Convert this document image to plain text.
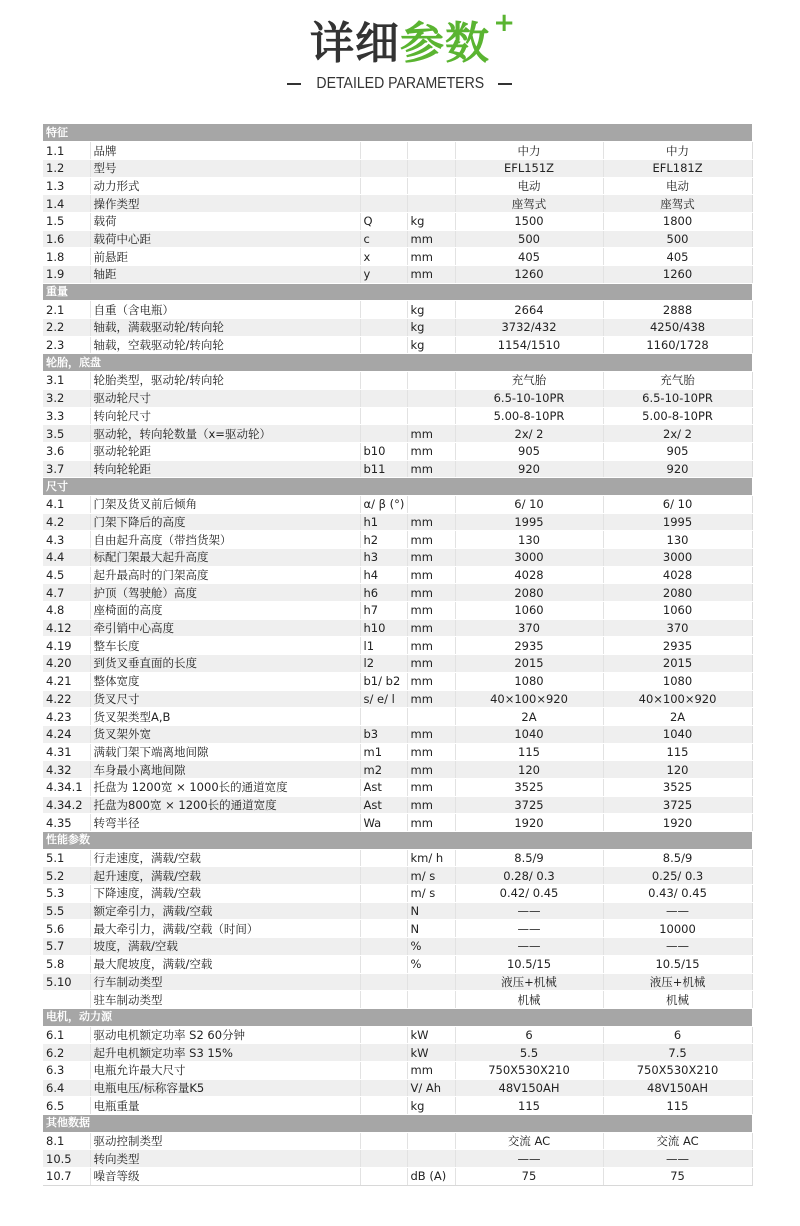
详细参数 +
DETAILED PARAMETERS
特征					
1.1	品牌			中力	中力
1.2	型号			EFL151Z	EFL181Z
1.3	动力形式			电动	电动
1.4	操作类型			座驾式	座驾式
1.5	载荷	Q	kg	1500	1800
1.6	载荷中心距	c	mm	500	500
1.8	前悬距	x	mm	405	405
1.9	轴距	y	mm	1260	1260
重量					
2.1	自重（含电瓶）		kg	2664	2888
2.2	轴载，满载驱动轮/转向轮		kg	3732/432	4250/438
2.3	轴载，空载驱动轮/转向轮		kg	1154/1510	1160/1728
轮胎，底盘					
3.1	轮胎类型，驱动轮/转向轮			充气胎	充气胎
3.2	驱动轮尺寸			6.5-10-10PR	6.5-10-10PR
3.3	转向轮尺寸			5.00-8-10PR	5.00-8-10PR
3.5	驱动轮，转向轮数量（x=驱动轮）		mm	2x/ 2	2x/ 2
3.6	驱动轮轮距	b10	mm	905	905
3.7	转向轮轮距	b11	mm	920	920
尺寸					
4.1	门架及货叉前后倾角	α/ β (°)		6/ 10	6/ 10
4.2	门架下降后的高度	h1	mm	1995	1995
4.3	自由起升高度（带挡货架）	h2	mm	130	130
4.4	标配门架最大起升高度	h3	mm	3000	3000
4.5	起升最高时的门架高度	h4	mm	4028	4028
4.7	护顶（驾驶舱）高度	h6	mm	2080	2080
4.8	座椅面的高度	h7	mm	1060	1060
4.12	牵引销中心高度	h10	mm	370	370
4.19	整车长度	l1	mm	2935	2935
4.20	到货叉垂直面的长度	l2	mm	2015	2015
4.21	整体宽度	b1/ b2	mm	1080	1080
4.22	货叉尺寸	s/ e/ l	mm	40×100×920	40×100×920
4.23	货叉架类型A,B			2A	2A
4.24	货叉架外宽	b3	mm	1040	1040
4.31	满载门架下端离地间隙	m1	mm	115	115
4.32	车身最小离地间隙	m2	mm	120	120
4.34.1	托盘为 1200宽 × 1000长的通道宽度	Ast	mm	3525	3525
4.34.2	托盘为800宽 × 1200长的通道宽度	Ast	mm	3725	3725
4.35	转弯半径	Wa	mm	1920	1920
性能参数					
5.1	行走速度，满载/空载		km/ h	8.5/9	8.5/9
5.2	起升速度，满载/空载		m/ s	0.28/ 0.3	0.25/ 0.3
5.3	下降速度，满载/空载		m/ s	0.42/ 0.45	0.43/ 0.45
5.5	额定牵引力，满载/空载		N	——	——
5.6	最大牵引力，满载/空载（时间）		N	——	10000
5.7	坡度，满载/空载		%	——	——
5.8	最大爬坡度，满载/空载		%	10.5/15	10.5/15
5.10	行车制动类型			液压+机械	液压+机械
	驻车制动类型			机械	机械
电机，动力源					
6.1	驱动电机额定功率 S2 60分钟		kW	6	6
6.2	起升电机额定功率 S3 15%		kW	5.5	7.5
6.3	电瓶允许最大尺寸		mm	750X530X210	750X530X210
6.4	电瓶电压/标称容量K5		V/ Ah	48V150AH	48V150AH
6.5	电瓶重量		kg	115	115
其他数据					
8.1	驱动控制类型			交流 AC	交流 AC
10.5	转向类型			——	——
10.7	噪音等级		dB (A)	75	75
